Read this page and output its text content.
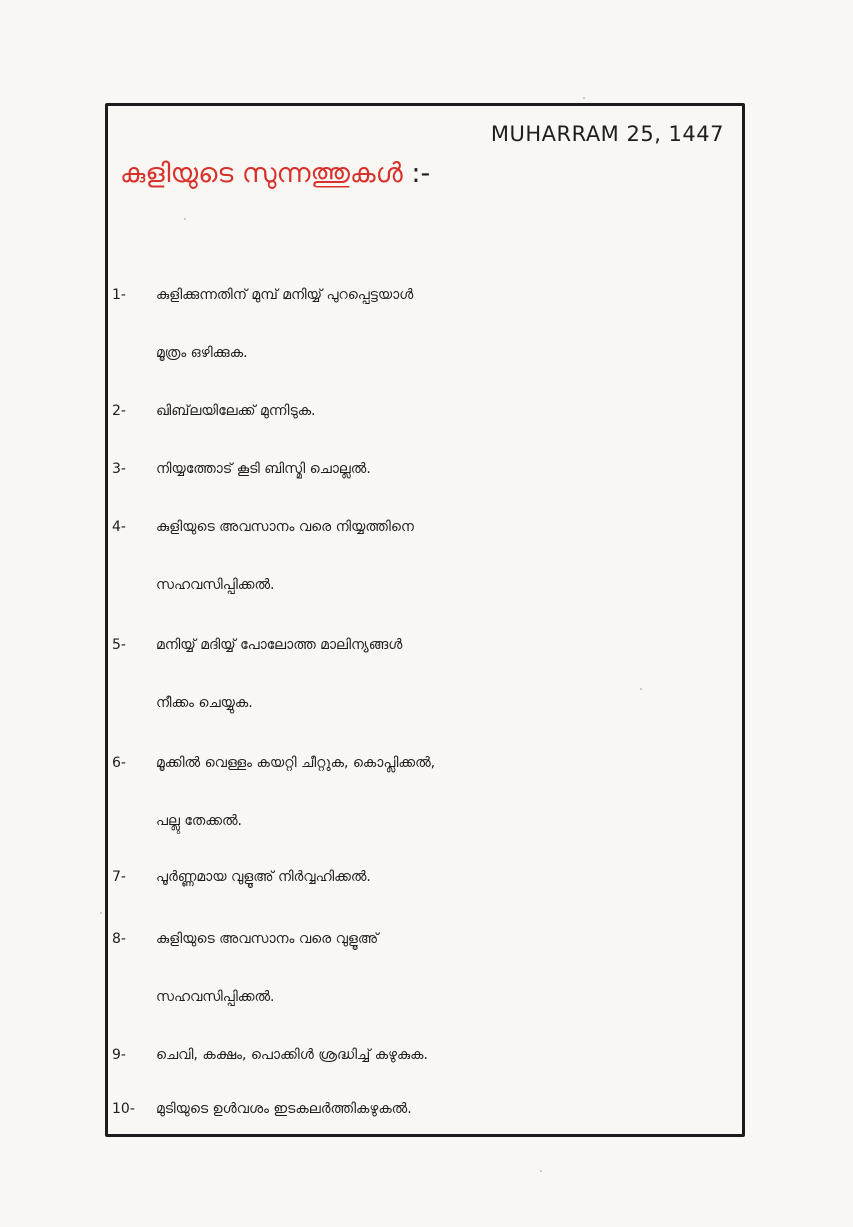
MUHARRAM 25, 1447
കുളിയുടെ സുന്നത്തുകൾ :-
1- കുളിക്കുന്നതിന് മുമ്പ് മനിയ്യ് പുറപ്പെട്ടയാൾ
മൂത്രം ഒഴിക്കുക.
2- ഖിബ്‌ലയിലേക്ക് മുന്നിടുക.
3- നിയ്യത്തോട് കൂടി ബിസ്മി ചൊല്ലൽ.
4- കുളിയുടെ അവസാനം വരെ നിയ്യത്തിനെ
സഹവസിപ്പിക്കൽ.
5- മനിയ്യ് മദിയ്യ് പോലോത്ത മാലിന്യങ്ങൾ
നീക്കം ചെയ്യുക.
6- മൂക്കിൽ വെള്ളം കയറ്റി ചീറ്റുക, കൊപ്ലിക്കൽ,
പല്ലു തേക്കൽ.
7- പൂർണ്ണമായ വുളൂഅ് നിർവ്വഹിക്കൽ.
8- കുളിയുടെ അവസാനം വരെ വുളൂഅ്
സഹവസിപ്പിക്കൽ.
9- ചെവി, കക്ഷം, പൊക്കിൾ ശ്രദ്ധിച്ച് കഴുകുക.
10- മുടിയുടെ ഉൾവശം ഇടകലർത്തികഴുകൽ.
